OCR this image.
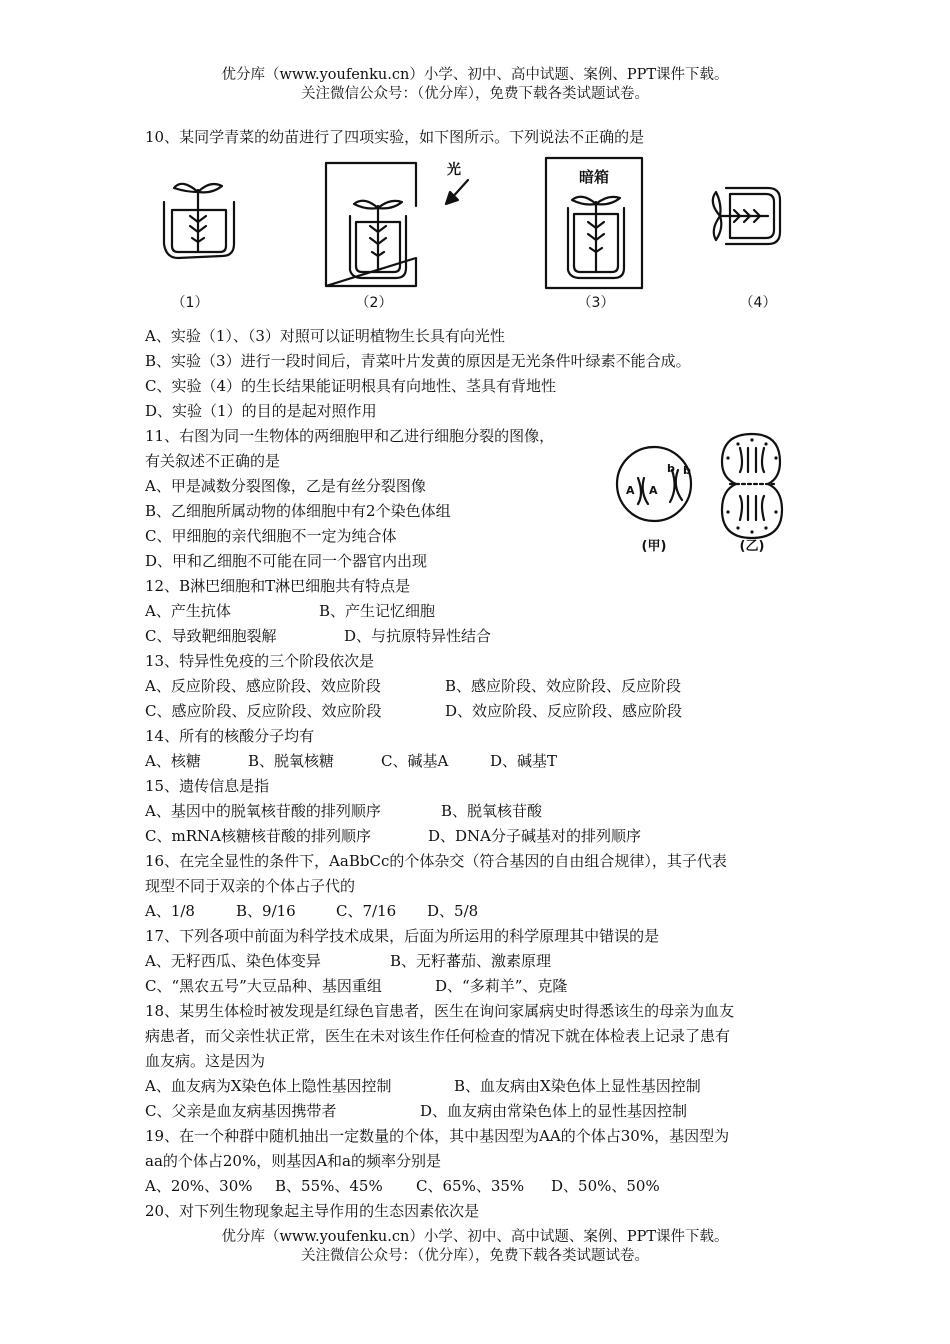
优分库（www.youfenku.cn）小学、初中、高中试题、案例、PPT课件下载。
关注微信公众号：（优分库），免费下载各类试题试卷。
10、某同学青菜的幼苗进行了四项实验，如下图所示。下列说法不正确的是
光	暗箱
（1）	（2）	（3）	（4）
A、实验（1）、（3）对照可以证明植物生长具有向光性
B、实验（3）进行一段时间后，青菜叶片发黄的原因是无光条件叶绿素不能合成。
C、实验（4）的生长结果能证明根具有向地性、茎具有背地性
D、实验（1）的目的是起对照作用
11、右图为同一生物体的两细胞甲和乙进行细胞分裂的图像，
有关叙述不正确的是
A A
b b
(甲)	(乙)
A、甲是减数分裂图像，乙是有丝分裂图像
B、乙细胞所属动物的体细胞中有2个染色体组
C、甲细胞的亲代细胞不一定为纯合体
D、甲和乙细胞不可能在同一个器官内出现
12、B淋巴细胞和T淋巴细胞共有特点是
A、产生抗体	B、产生记忆细胞
C、导致靶细胞裂解	D、与抗原特异性结合
13、特异性免疫的三个阶段依次是
A、反应阶段、感应阶段、效应阶段	B、感应阶段、效应阶段、反应阶段
C、感应阶段、反应阶段、效应阶段	D、效应阶段、反应阶段、感应阶段
14、所有的核酸分子均有
A、核糖	B、脱氧核糖	C、碱基A	D、碱基T
15、遗传信息是指
A、基因中的脱氧核苷酸的排列顺序	B、脱氧核苷酸
C、mRNA核糖核苷酸的排列顺序	D、DNA分子碱基对的排列顺序
16、在完全显性的条件下，AaBbCc的个体杂交（符合基因的自由组合规律），其子代表
现型不同于双亲的个体占子代的
A、1/8	B、9/16	C、7/16 D、5/8
17、下列各项中前面为科学技术成果，后面为所运用的科学原理其中错误的是
A、无籽西瓜、染色体变异	B、无籽蕃茄、激素原理
C、“黑农五号”大豆品种、基因重组	D、“多莉羊”、克隆
18、某男生体检时被发现是红绿色盲患者，医生在询问家属病史时得悉该生的母亲为血友
病患者，而父亲性状正常，医生在未对该生作任何检查的情况下就在体检表上记录了患有
血友病。这是因为
A、血友病为X染色体上隐性基因控制	B、血友病由X染色体上显性基因控制
C、父亲是血友病基因携带者	D、血友病由常染色体上的显性基因控制
19、在一个种群中随机抽出一定数量的个体，其中基因型为AA的个体占30%，基因型为
aa的个体占20%，则基因A和a的频率分别是
A、20%、30% B、55%、45% C、65%、35% D、50%、50%
20、对下列生物现象起主导作用的生态因素依次是
优分库（www.youfenku.cn）小学、初中、高中试题、案例、PPT课件下载。
关注微信公众号：（优分库），免费下载各类试题试卷。
